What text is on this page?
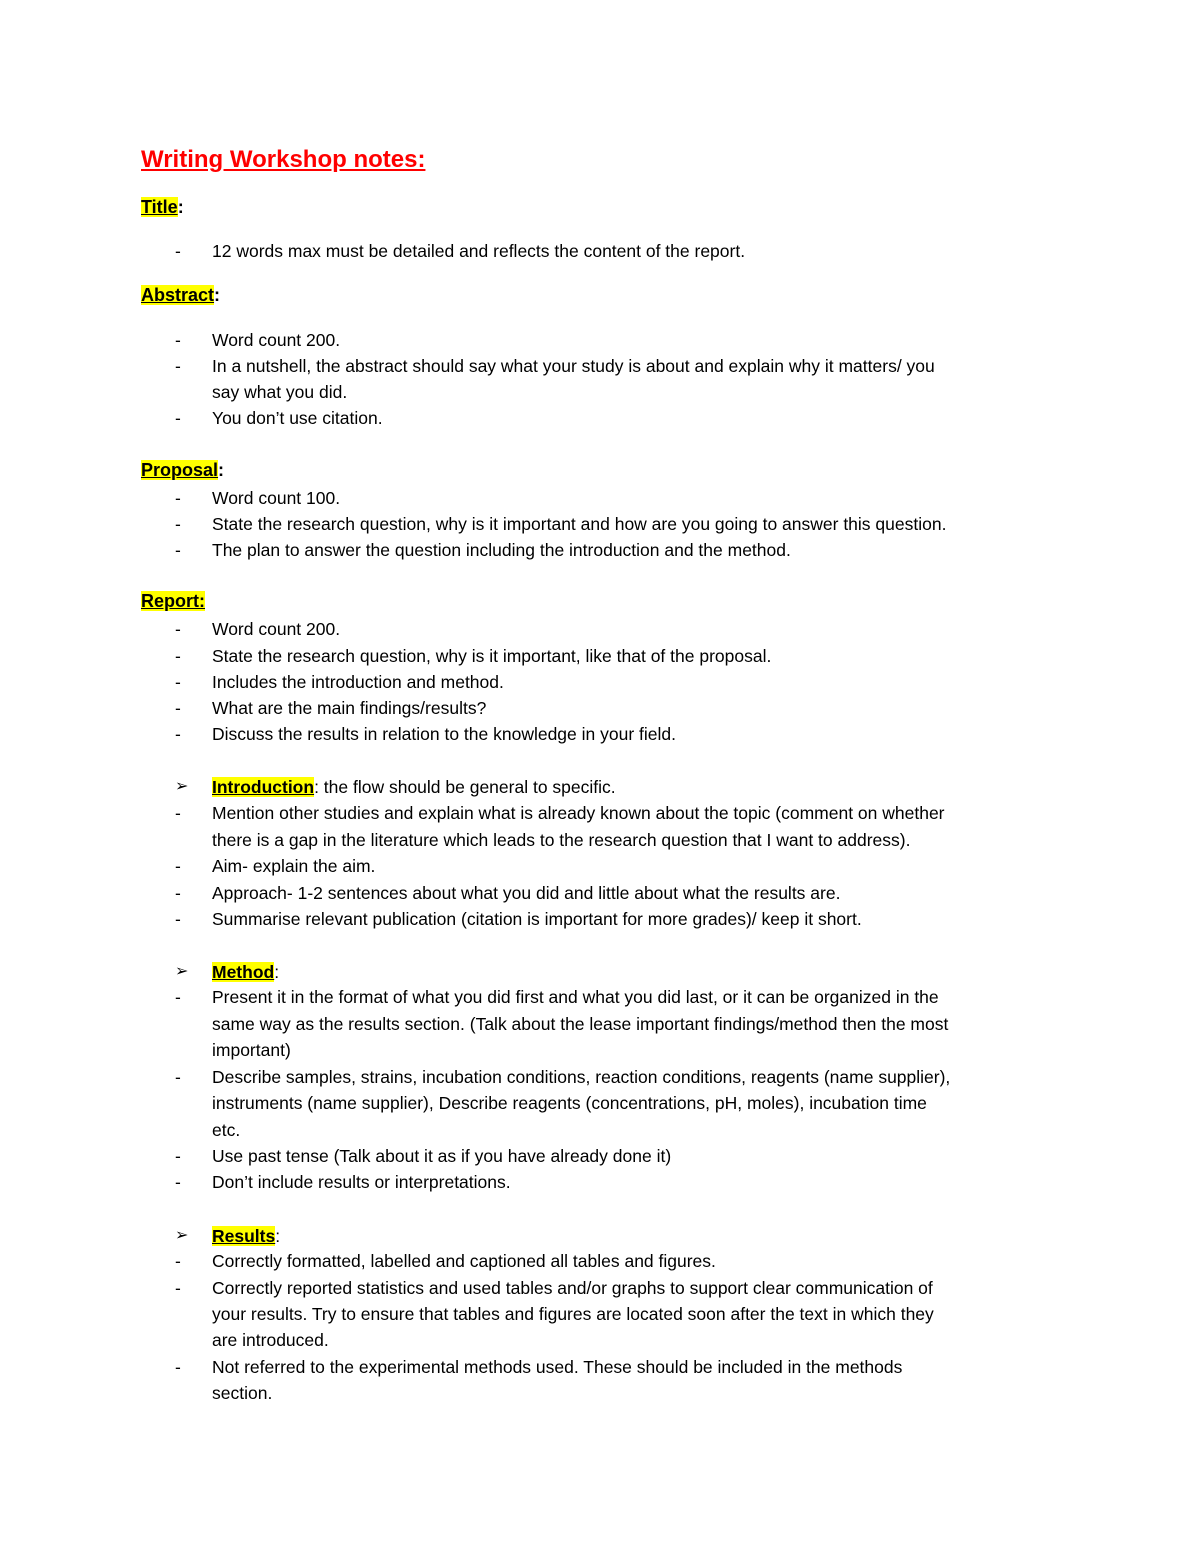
Writing Workshop notes:
Title:
-	12 words max must be detailed and reflects the content of the report.
Abstract:
-	Word count 200.
-	In a nutshell, the abstract should say what your study is about and explain why it matters/ you
say what you did.
-	You don’t use citation.
Proposal:
-	Word count 100.
-	State the research question, why is it important and how are you going to answer this question.
-	The plan to answer the question including the introduction and the method.
Report:
-	Word count 200.
-	State the research question, why is it important, like that of the proposal.
-	Includes the introduction and method.
-	What are the main findings/results?
-	Discuss the results in relation to the knowledge in your field.
➢ Introduction: the flow should be general to specific.
-	Mention other studies and explain what is already known about the topic (comment on whether
there is a gap in the literature which leads to the research question that I want to address).
-	Aim- explain the aim.
-	Approach- 1-2 sentences about what you did and little about what the results are.
-	Summarise relevant publication (citation is important for more grades)/ keep it short.
➢ Method:
-	Present it in the format of what you did first and what you did last, or it can be organized in the
same way as the results section. (Talk about the lease important findings/method then the most
important)
-	Describe samples, strains, incubation conditions, reaction conditions, reagents (name supplier),
instruments (name supplier), Describe reagents (concentrations, pH, moles), incubation time
etc.
-	Use past tense (Talk about it as if you have already done it)
-	Don’t include results or interpretations.
➢ Results:
-	Correctly formatted, labelled and captioned all tables and figures.
-	Correctly reported statistics and used tables and/or graphs to support clear communication of
your results. Try to ensure that tables and figures are located soon after the text in which they
are introduced.
-	Not referred to the experimental methods used. These should be included in the methods
section.
